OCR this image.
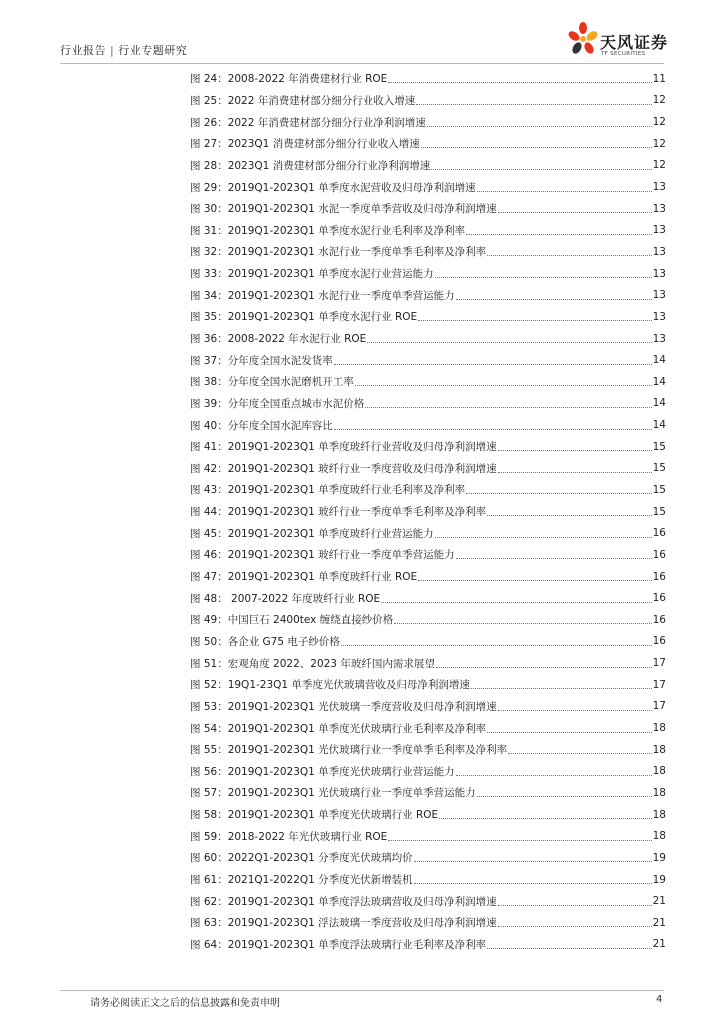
行业报告 | 行业专题研究	天风证券
TF SECURITIES
图 24：2008-2022 年消费建材行业 ROE	11
图 25：2022 年消费建材部分细分行业收入增速	12
图 26：2022 年消费建材部分细分行业净利润增速	12
图 27：2023Q1 消费建材部分细分行业收入增速	12
图 28：2023Q1 消费建材部分细分行业净利润增速	12
图 29：2019Q1-2023Q1 单季度水泥营收及归母净利润增速	13
图 30：2019Q1-2023Q1 水泥一季度单季营收及归母净利润增速	13
图 31：2019Q1-2023Q1 单季度水泥行业毛利率及净利率	13
图 32：2019Q1-2023Q1 水泥行业一季度单季毛利率及净利率	13
图 33：2019Q1-2023Q1 单季度水泥行业营运能力	13
图 34：2019Q1-2023Q1 水泥行业一季度单季营运能力	13
图 35：2019Q1-2023Q1 单季度水泥行业 ROE	13
图 36：2008-2022 年水泥行业 ROE	13
图 37：分年度全国水泥发货率	14
图 38：分年度全国水泥磨机开工率	14
图 39：分年度全国重点城市水泥价格	14
图 40：分年度全国水泥库容比	14
图 41：2019Q1-2023Q1 单季度玻纤行业营收及归母净利润增速	15
图 42：2019Q1-2023Q1 玻纤行业一季度营收及归母净利润增速	15
图 43：2019Q1-2023Q1 单季度玻纤行业毛利率及净利率	15
图 44：2019Q1-2023Q1 玻纤行业一季度单季毛利率及净利率	15
图 45：2019Q1-2023Q1 单季度玻纤行业营运能力	16
图 46：2019Q1-2023Q1 玻纤行业一季度单季营运能力	16
图 47：2019Q1-2023Q1 单季度玻纤行业 ROE	16
图 48： 2007-2022 年度玻纤行业 ROE	16
图 49：中国巨石 2400tex 缠绕直接纱价格	16
图 50：各企业 G75 电子纱价格	16
图 51：宏观角度 2022、2023 年玻纤国内需求展望	17
图 52：19Q1-23Q1 单季度光伏玻璃营收及归母净利润增速	17
图 53：2019Q1-2023Q1 光伏玻璃一季度营收及归母净利润增速	17
图 54：2019Q1-2023Q1 单季度光伏玻璃行业毛利率及净利率	18
图 55：2019Q1-2023Q1 光伏玻璃行业一季度单季毛利率及净利率	18
图 56：2019Q1-2023Q1 单季度光伏玻璃行业营运能力	18
图 57：2019Q1-2023Q1 光伏玻璃行业一季度单季营运能力	18
图 58：2019Q1-2023Q1 单季度光伏玻璃行业 ROE	18
图 59：2018-2022 年光伏玻璃行业 ROE	18
图 60：2022Q1-2023Q1 分季度光伏玻璃均价	19
图 61：2021Q1-2022Q1 分季度光伏新增装机	19
图 62：2019Q1-2023Q1 单季度浮法玻璃营收及归母净利润增速	21
图 63：2019Q1-2023Q1 浮法玻璃一季度营收及归母净利润增速	21
图 64：2019Q1-2023Q1 单季度浮法玻璃行业毛利率及净利率	21
请务必阅读正文之后的信息披露和免责申明	4
